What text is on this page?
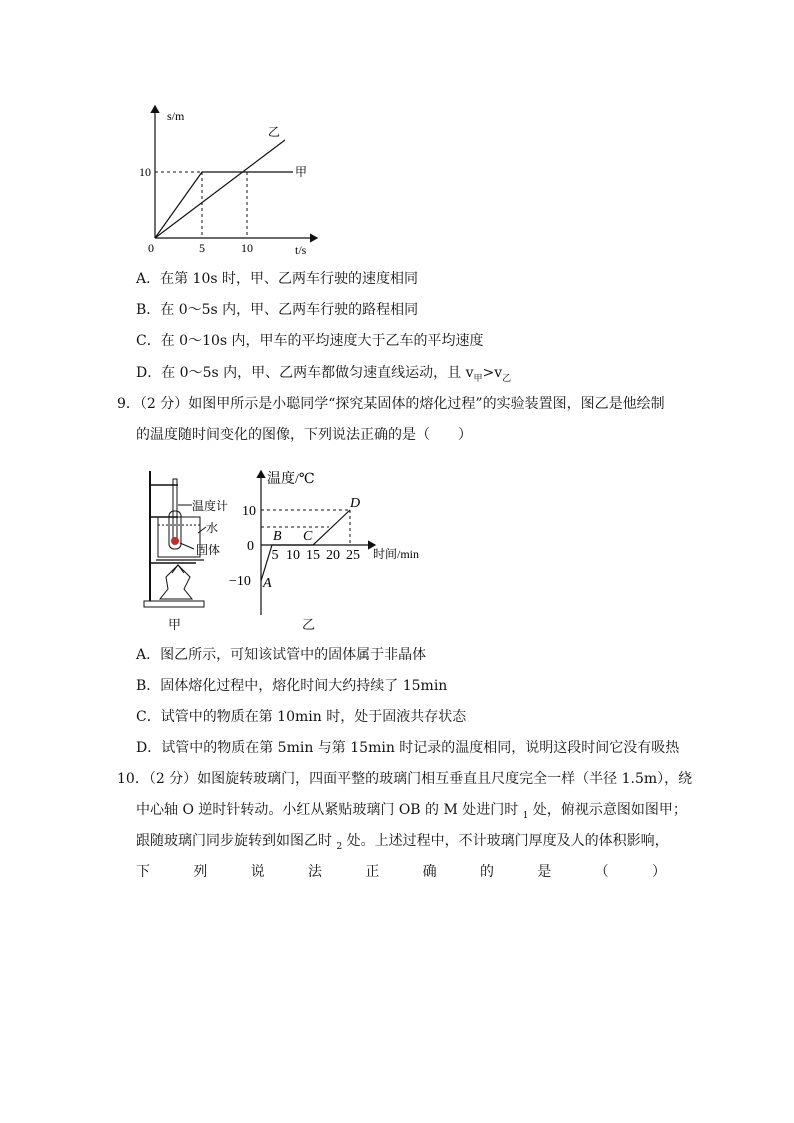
s/m
t/s
0	5	10
10	甲
乙
A．在第 10s 时，甲、乙两车行驶的速度相同
B．在 0～5s 内，甲、乙两车行驶的路程相同
C．在 0～10s 内，甲车的平均速度大于乙车的平均速度
D．在 0～5s 内，甲、乙两车都做匀速直线运动，且 $v_甲>v_乙$
9．（2 分）如图甲所示是小聪同学“探究某固体的熔化过程”的实验装置图，图乙是他绘制
的温度随时间变化的图像，下列说法正确的是（　　）
温度计
水
固体
甲
温度/℃
时间/min
10
0
−10
5 10 15 20 25
A
B C
D
乙
A．图乙所示，可知该试管中的固体属于非晶体
B．固体熔化过程中，熔化时间大约持续了 15min
C．试管中的物质在第 10min 时，处于固液共存状态
D．试管中的物质在第 5min 与第 15min 时记录的温度相同，说明这段时间它没有吸热
10．（2 分）如图旋转玻璃门，四面平整的玻璃门相互垂直且尺度完全一样（半径 1.5m），绕
中心轴 O 逆时针转动。小红从紧贴玻璃门 OB 的 M 处进门时 $_1$ 处，俯视示意图如图甲；
跟随玻璃门同步旋转到如图乙时 $_2$ 处。上述过程中，不计玻璃门厚度及人的体积影响，
下	列	说	法	正	确	的	是	（	）
